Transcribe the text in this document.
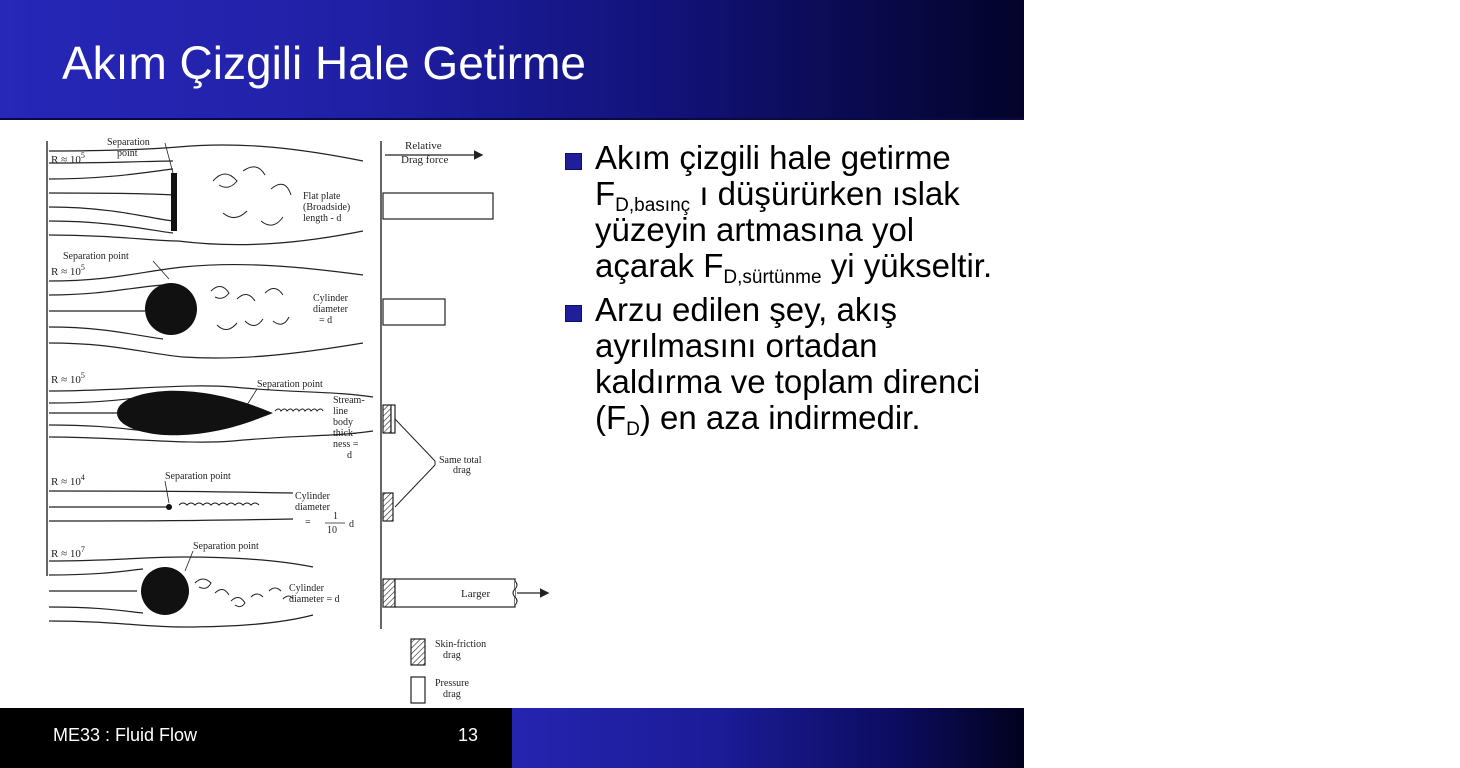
Akım Çizgili Hale Getirme
Relative
Drag force
$R \approx 10^5$
Separation
point
Flat plate
(Broadside)
length - d
$R \approx 10^5$
Separation point
Cylinder
diameter
= d
$R \approx 10^5$
Separation point
Stream-
line
body
thick-
ness =
d	Same total
drag
$R \approx 10^4$	Separation point
Cylinder
diameter
=
1
10
d
$R \approx 10^7$	Separation point
Cylinder
diameter = d	Larger
Skin-friction
drag
Pressure
drag
Akım çizgili hale getirme $F_{D,basınç}$ ı düşürürken ıslak yüzeyin artmasına yol açarak $F_{D,sürtünme}$ yi yükseltir.
Arzu edilen şey, akış ayrılmasını ortadan kaldırma ve toplam direnci $(F_D)$ en aza indirmedir.
ME33 : Fluid Flow	13	Chapter 11: Flow over bodies; lift and drag
